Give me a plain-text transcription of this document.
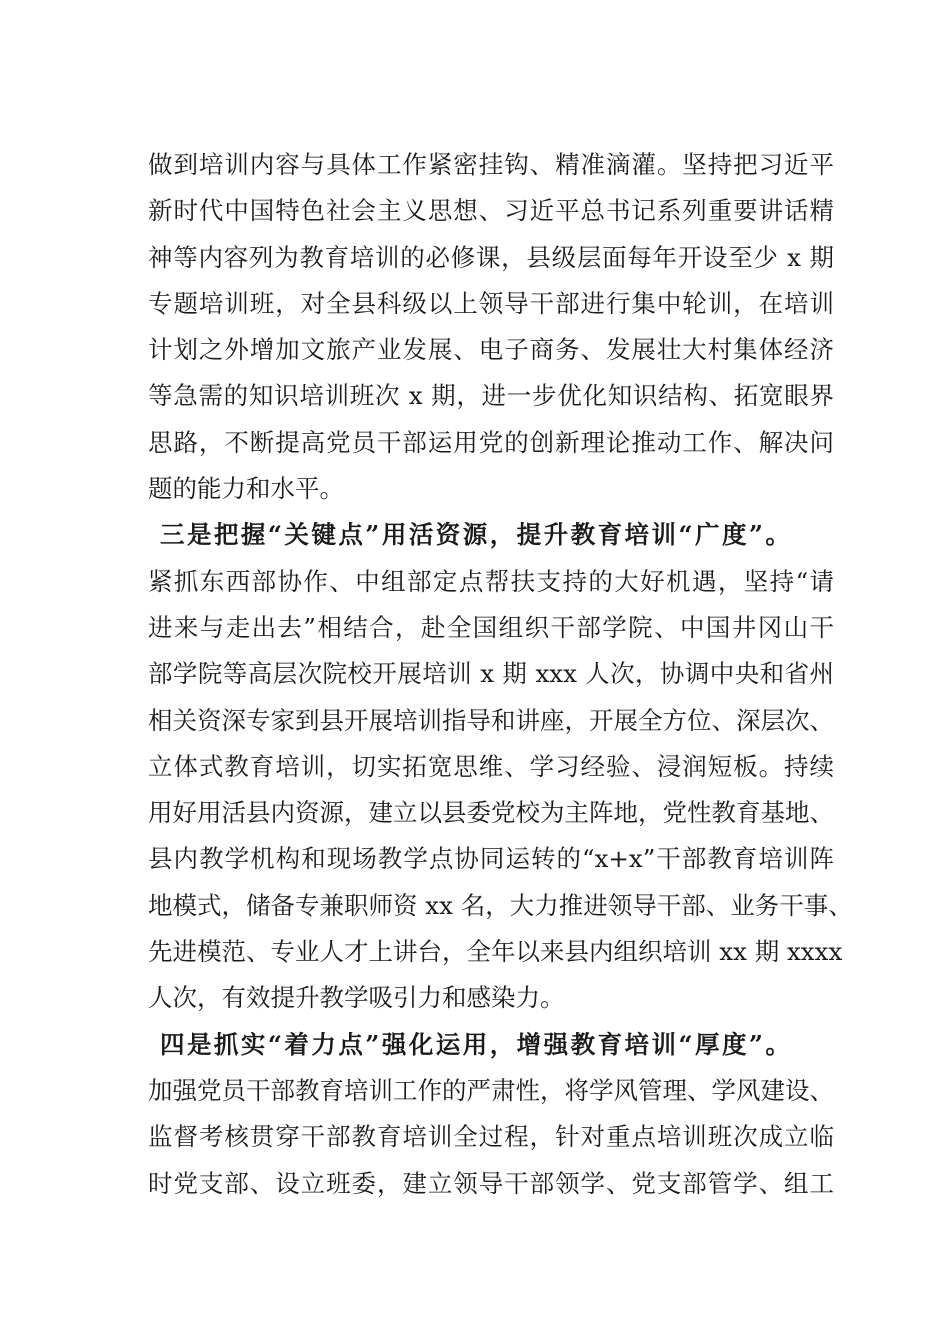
做到培训内容与具体工作紧密挂钩、精准滴灌。坚持把习近平
新时代中国特色社会主义思想、习近平总书记系列重要讲话精
神等内容列为教育培训的必修课，县级层面每年开设至少 x 期
专题培训班，对全县科级以上领导干部进行集中轮训，在培训
计划之外增加文旅产业发展、电子商务、发展壮大村集体经济
等急需的知识培训班次 x 期，进一步优化知识结构、拓宽眼界
思路，不断提高党员干部运用党的创新理论推动工作、解决问
题的能力和水平。
三是把握“关键点”用活资源，提升教育培训“广度”。
紧抓东西部协作、中组部定点帮扶支持的大好机遇，坚持“请
进来与走出去”相结合，赴全国组织干部学院、中国井冈山干
部学院等高层次院校开展培训 x 期 xxx 人次，协调中央和省州
相关资深专家到县开展培训指导和讲座，开展全方位、深层次、
立体式教育培训，切实拓宽思维、学习经验、浸润短板。持续
用好用活县内资源，建立以县委党校为主阵地，党性教育基地、
县内教学机构和现场教学点协同运转的“x+x”干部教育培训阵
地模式，储备专兼职师资 xx 名，大力推进领导干部、业务干事、
先进模范、专业人才上讲台，全年以来县内组织培训 xx 期 xxxx
人次，有效提升教学吸引力和感染力。
四是抓实“着力点”强化运用，增强教育培训“厚度”。
加强党员干部教育培训工作的严肃性，将学风管理、学风建设、
监督考核贯穿干部教育培训全过程，针对重点培训班次成立临
时党支部、设立班委，建立领导干部领学、党支部管学、组工
